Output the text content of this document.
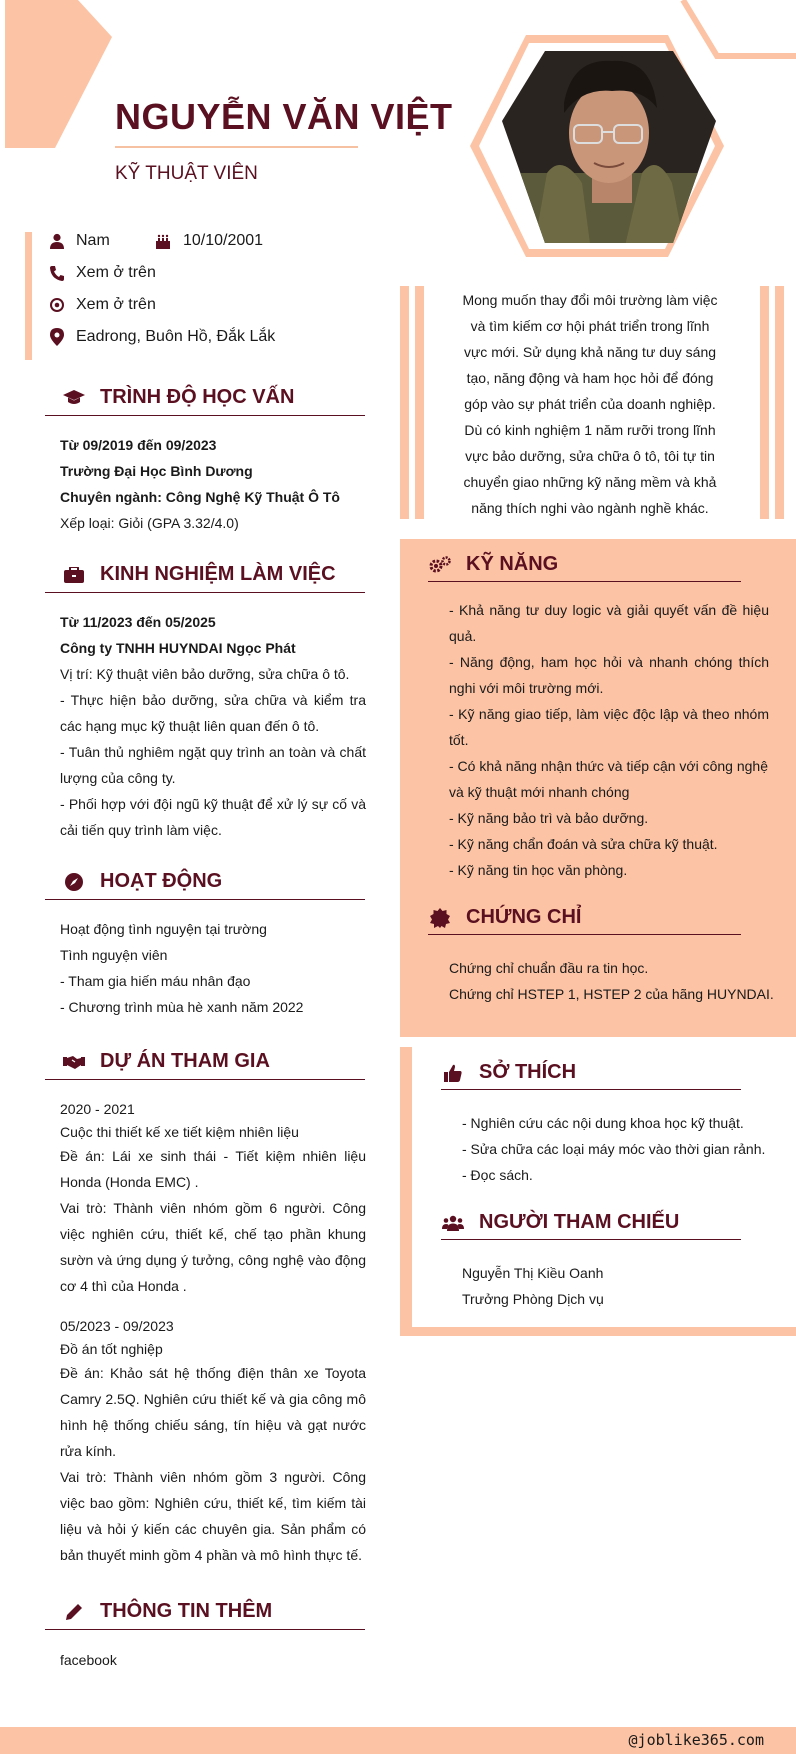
NGUYỄN VĂN VIỆT
KỸ THUẬT VIÊN
Nam	10/10/2001
Xem ở trên
Xem ở trên
Eadrong, Buôn Hồ, Đắk Lắk
Mong muốn thay đổi môi trường làm việc
và tìm kiếm cơ hội phát triển trong lĩnh
vực mới. Sử dụng khả năng tư duy sáng
tạo, năng động và ham học hỏi để đóng
góp vào sự phát triển của doanh nghiệp.
Dù có kinh nghiệm 1 năm rưỡi trong lĩnh
vực bảo dưỡng, sửa chữa ô tô, tôi tự tin
chuyển giao những kỹ năng mềm và khả
năng thích nghi vào ngành nghề khác.
TRÌNH ĐỘ HỌC VẤN

Từ 09/2019 đến 09/2023

Trường Đại Học Bình Dương

Chuyên ngành: Công Nghệ Kỹ Thuật Ô Tô

Xếp loại: Giỏi (GPA 3.32/4.0)

KINH NGHIỆM LÀM VIỆC

Từ 11/2023 đến 05/2025

Công ty TNHH HUYNDAI Ngọc Phát

Vị trí: Kỹ thuật viên bảo dưỡng, sửa chữa ô tô.

- Thực hiện bảo dưỡng, sửa chữa và kiểm tra các hạng mục kỹ thuật liên quan đến ô tô.

- Tuân thủ nghiêm ngặt quy trình an toàn và chất lượng của công ty.

- Phối hợp với đội ngũ kỹ thuật để xử lý sự cố và cải tiến quy trình làm việc.

HOẠT ĐỘNG

Hoạt động tình nguyện tại trường

Tình nguyện viên

- Tham gia hiến máu nhân đạo

- Chương trình mùa hè xanh năm 2022

DỰ ÁN THAM GIA

2020 - 2021

Cuộc thi thiết kế xe tiết kiệm nhiên liệu

Đề án: Lái xe sinh thái - Tiết kiệm nhiên liệu Honda (Honda EMC) .

Vai trò: Thành viên nhóm gồm 6 người. Công việc nghiên cứu, thiết kế, chế tạo phần khung sườn và ứng dụng ý tưởng, công nghệ vào động cơ 4 thì của Honda .

05/2023 - 09/2023

Đồ án tốt nghiệp

Đề án: Khảo sát hệ thống điện thân xe Toyota Camry 2.5Q. Nghiên cứu thiết kế và gia công mô hình hệ thống chiếu sáng, tín hiệu và gạt nước rửa kính.

Vai trò: Thành viên nhóm gồm 3 người. Công việc bao gồm: Nghiên cứu, thiết kế, tìm kiếm tài liệu và hỏi ý kiến các chuyên gia. Sản phẩm có bản thuyết minh gồm 4 phần và mô hình thực tế.

THÔNG TIN THÊM
facebook
KỸ NĂNG

- Khả năng tư duy logic và giải quyết vấn đề hiệu quả.

- Năng động, ham học hỏi và nhanh chóng thích nghi với môi trường mới.

- Kỹ năng giao tiếp, làm việc độc lập và theo nhóm tốt.

- Có khả năng nhận thức và tiếp cận với công nghệ và kỹ thuật mới nhanh chóng

- Kỹ năng bảo trì và bảo dưỡng.

- Kỹ năng chẩn đoán và sửa chữa kỹ thuật.

- Kỹ năng tin học văn phòng.

CHỨNG CHỈ

Chứng chỉ chuẩn đầu ra tin học.

Chứng chỉ HSTEP 1, HSTEP 2 của hãng HUYNDAI.

SỞ THÍCH

- Nghiên cứu các nội dung khoa học kỹ thuật.

- Sửa chữa các loại máy móc vào thời gian rảnh.

- Đọc sách.

NGƯỜI THAM CHIẾU

Nguyễn Thị Kiều Oanh

Trưởng Phòng Dịch vụ

@joblike365.com
